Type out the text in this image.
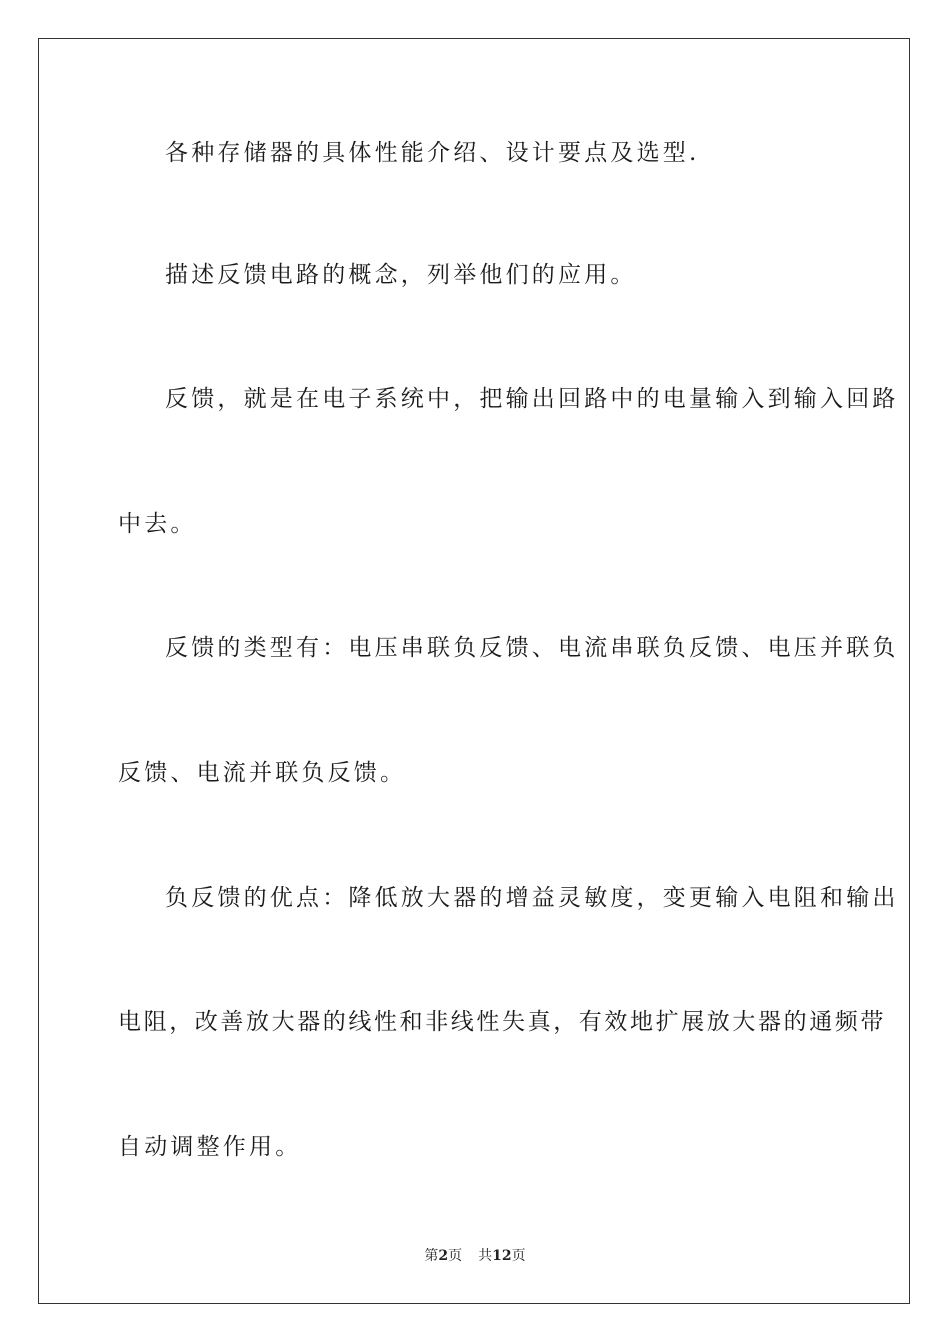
各种存储器的具体性能介绍、设计要点及选型.
描述反馈电路的概念，列举他们的应用。
反馈，就是在电子系统中，把输出回路中的电量输入到输入回路
中去。
反馈的类型有：电压串联负反馈、电流串联负反馈、电压并联负
反馈、电流并联负反馈。
负反馈的优点：降低放大器的增益灵敏度，变更输入电阻和输出
电阻，改善放大器的线性和非线性失真，有效地扩展放大器的通频带
自动调整作用。
第2页 共12页
